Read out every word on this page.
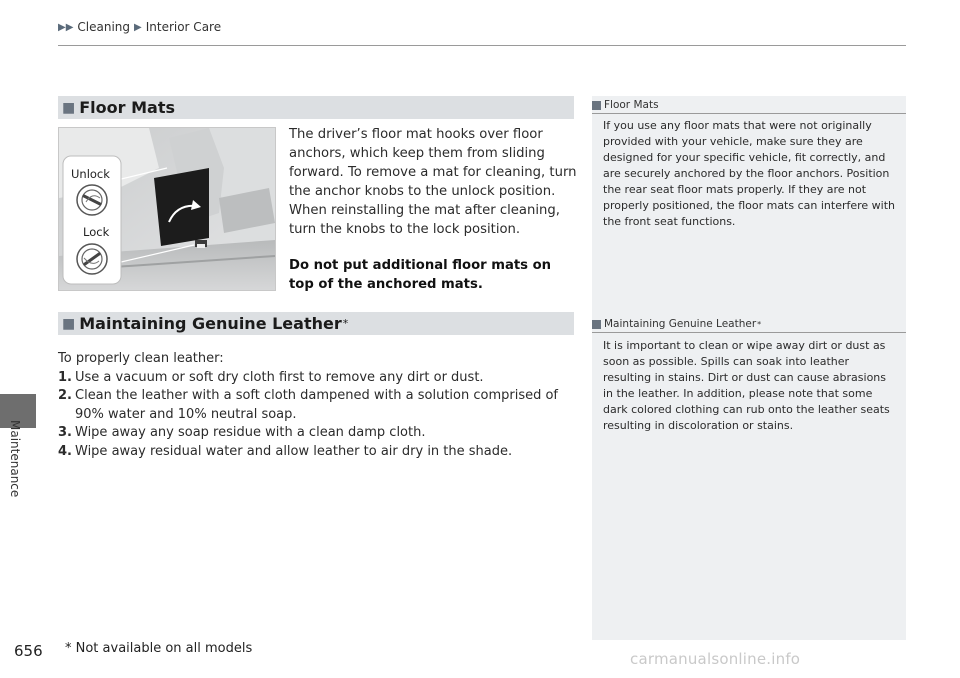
▶▶ Cleaning ▶ Interior Care
Maintenance
■ Floor Mats
Unlock
Lock
The driver’s floor mat hooks over floor anchors, which keep them from sliding forward. To remove a mat for cleaning, turn the anchor knobs to the unlock position. When reinstalling the mat after cleaning, turn the knobs to the lock position.
Do not put additional floor mats on top of the anchored mats.
■ Maintaining Genuine Leather *
To properly clean leather:
1. Use a vacuum or soft dry cloth first to remove any dirt or dust.
2. Clean the leather with a soft cloth dampened with a solution comprised of 90% water and 10% neutral soap.
3. Wipe away any soap residue with a clean damp cloth.
4. Wipe away residual water and allow leather to air dry in the shade.
Floor Mats
If you use any floor mats that were not originally provided with your vehicle, make sure they are designed for your specific vehicle, fit correctly, and are securely anchored by the floor anchors. Position the rear seat floor mats properly. If they are not properly positioned, the floor mats can interfere with the front seat functions.
Maintaining Genuine Leather *
It is important to clean or wipe away dirt or dust as soon as possible. Spills can soak into leather resulting in stains. Dirt or dust can cause abrasions in the leather. In addition, please note that some dark colored clothing can rub onto the leather seats resulting in discoloration or stains.
656 * Not available on all models
carmanualsonline.info
